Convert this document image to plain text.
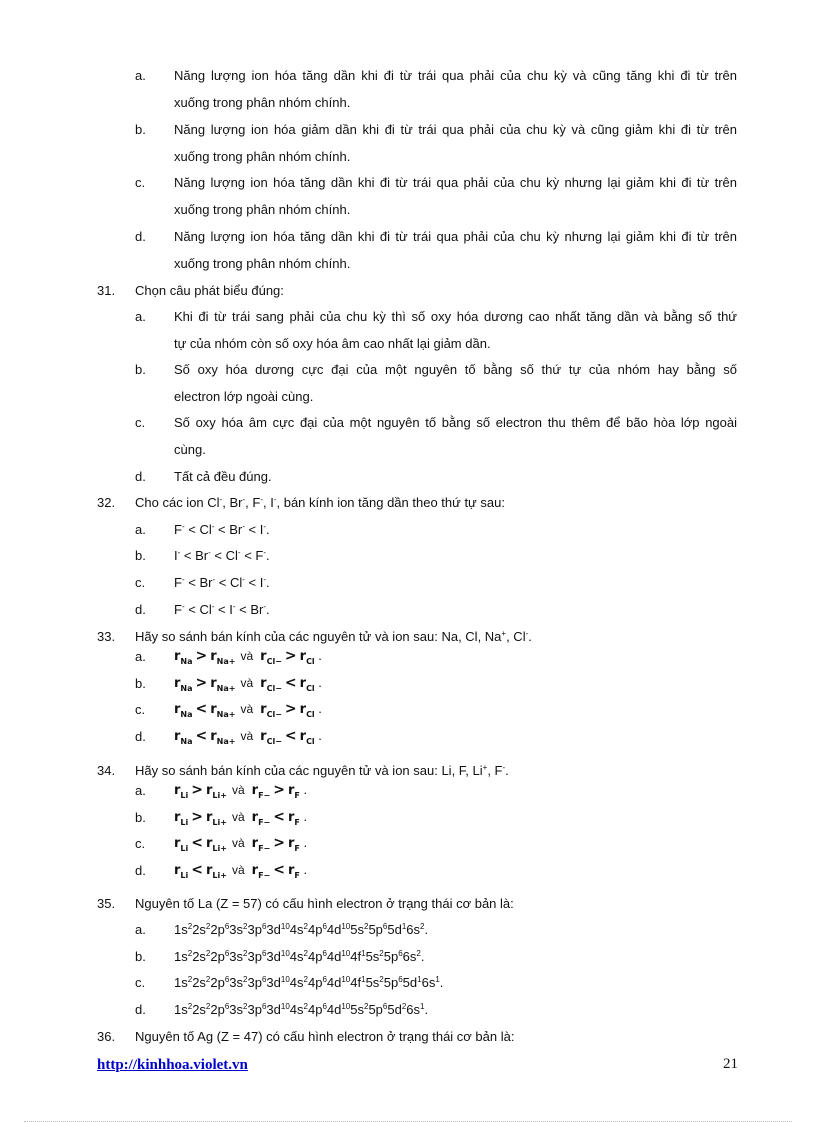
a. Năng lượng ion hóa tăng dần khi đi từ trái qua phải của chu kỳ và cũng tăng khi đi từ trên
xuống trong phân nhóm chính.
b. Năng lượng ion hóa giảm dần khi đi từ trái qua phải của chu kỳ và cũng giảm khi đi từ trên
xuống trong phân nhóm chính.
c. Năng lượng ion hóa tăng dần khi đi từ trái qua phải của chu kỳ nhưng lại giảm khi đi từ trên
xuống trong phân nhóm chính.
d. Năng lượng ion hóa tăng dần khi đi từ trái qua phải của chu kỳ nhưng lại giảm khi đi từ trên
xuống trong phân nhóm chính.
31. Chọn câu phát biểu đúng:
a. Khi đi từ trái sang phải của chu kỳ thì số oxy hóa dương cao nhất tăng dần và bằng số thứ
tự của nhóm còn số oxy hóa âm cao nhất lại giảm dần.
b. Số oxy hóa dương cực đại của một nguyên tố bằng số thứ tự của nhóm hay bằng số
electron lớp ngoài cùng.
c. Số oxy hóa âm cực đại của một nguyên tố bằng số electron thu thêm để bão hòa lớp ngoài
cùng.
d. Tất cả đều đúng.
32. Cho các ion Cl-, Br-, F-, I-, bán kính ion tăng dần theo thứ tự sau:
a. F- < Cl- < Br- < I-.
b. I- < Br- < Cl- < F-.
c. F- < Br- < Cl- < I-.
d. F- < Cl- < I- < Br-.
33. Hãy so sánh bán kính của các nguyên tử và ion sau: Na, Cl, Na+, Cl-.
a. $r_{Na} > r_{Na+}$ và $r_{Cl-} > r_{Cl}$ .
b. $r_{Na} > r_{Na+}$ và $r_{Cl-} < r_{Cl}$ .
c. $r_{Na} < r_{Na+}$ và $r_{Cl-} > r_{Cl}$ .
d. $r_{Na} < r_{Na+}$ và $r_{Cl-} < r_{Cl}$ .
34. Hãy so sánh bán kính của các nguyên tử và ion sau: Li, F, Li+, F-.
a. $r_{Li} > r_{Li+}$ và $r_{F-} > r_F$ .
b. $r_{Li} > r_{Li+}$ và $r_{F-} < r_F$ .
c. $r_{Li} < r_{Li+}$ và $r_{F-} > r_F$ .
d. $r_{Li} < r_{Li+}$ và $r_{F-} < r_F$ .
35. Nguyên tố La (Z = 57) có cấu hình electron ở trạng thái cơ bản là:
a. $1s^22s^22p^63s^23p^63d^{10}4s^24p^64d^{10}5s^25p^65d^16s^2$.
b. $1s^22s^22p^63s^23p^63d^{10}4s^24p^64d^{10}4f^15s^25p^66s^2$.
c. $1s^22s^22p^63s^23p^63d^{10}4s^24p^64d^{10}4f^15s^25p^65d^16s^1$.
d. $1s^22s^22p^63s^23p^63d^{10}4s^24p^64d^{10}5s^25p^65d^26s^1$.
36. Nguyên tố Ag (Z = 47) có cấu hình electron ở trạng thái cơ bản là:
http://kinhhoa.violet.vn	21
